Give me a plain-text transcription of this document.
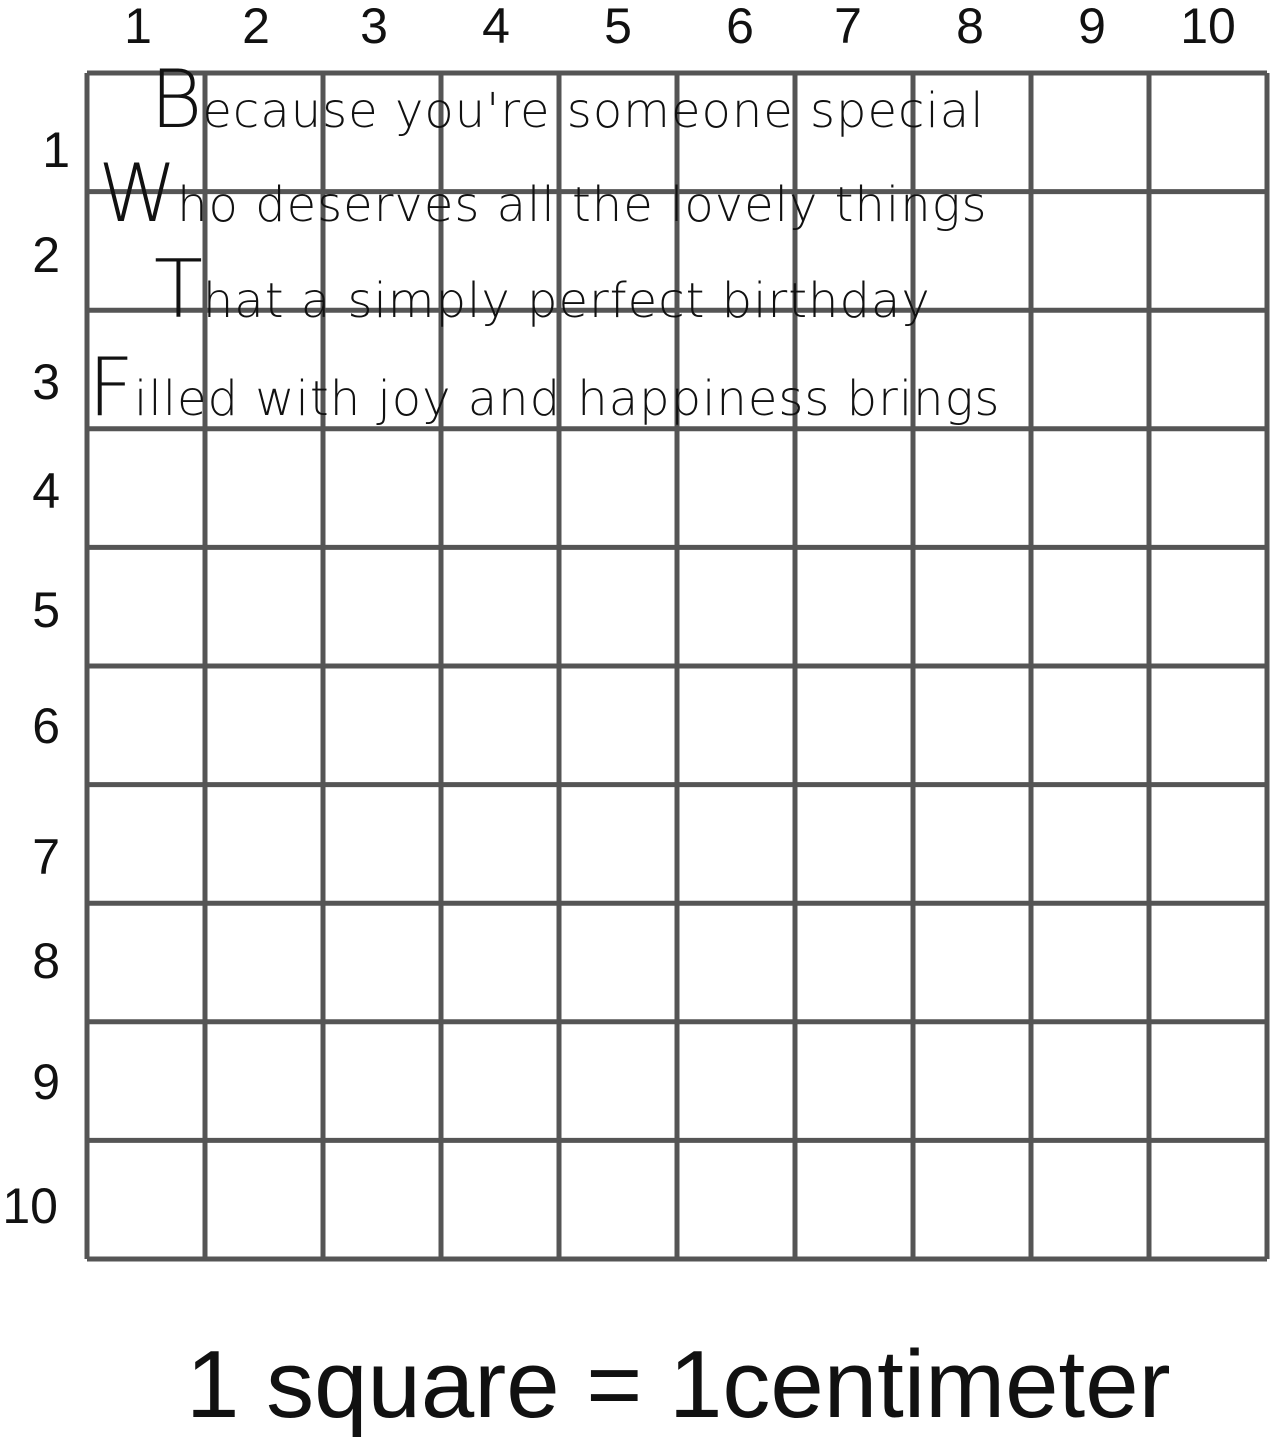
1	2	3	4	5	6	7	8	9	10
1
2
3
4
5
6
7
8
9
10
Because you're someone special
Who deserves all the lovely things
That a simply perfect birthday
Filled with joy and happiness brings
1 square = 1centimeter
